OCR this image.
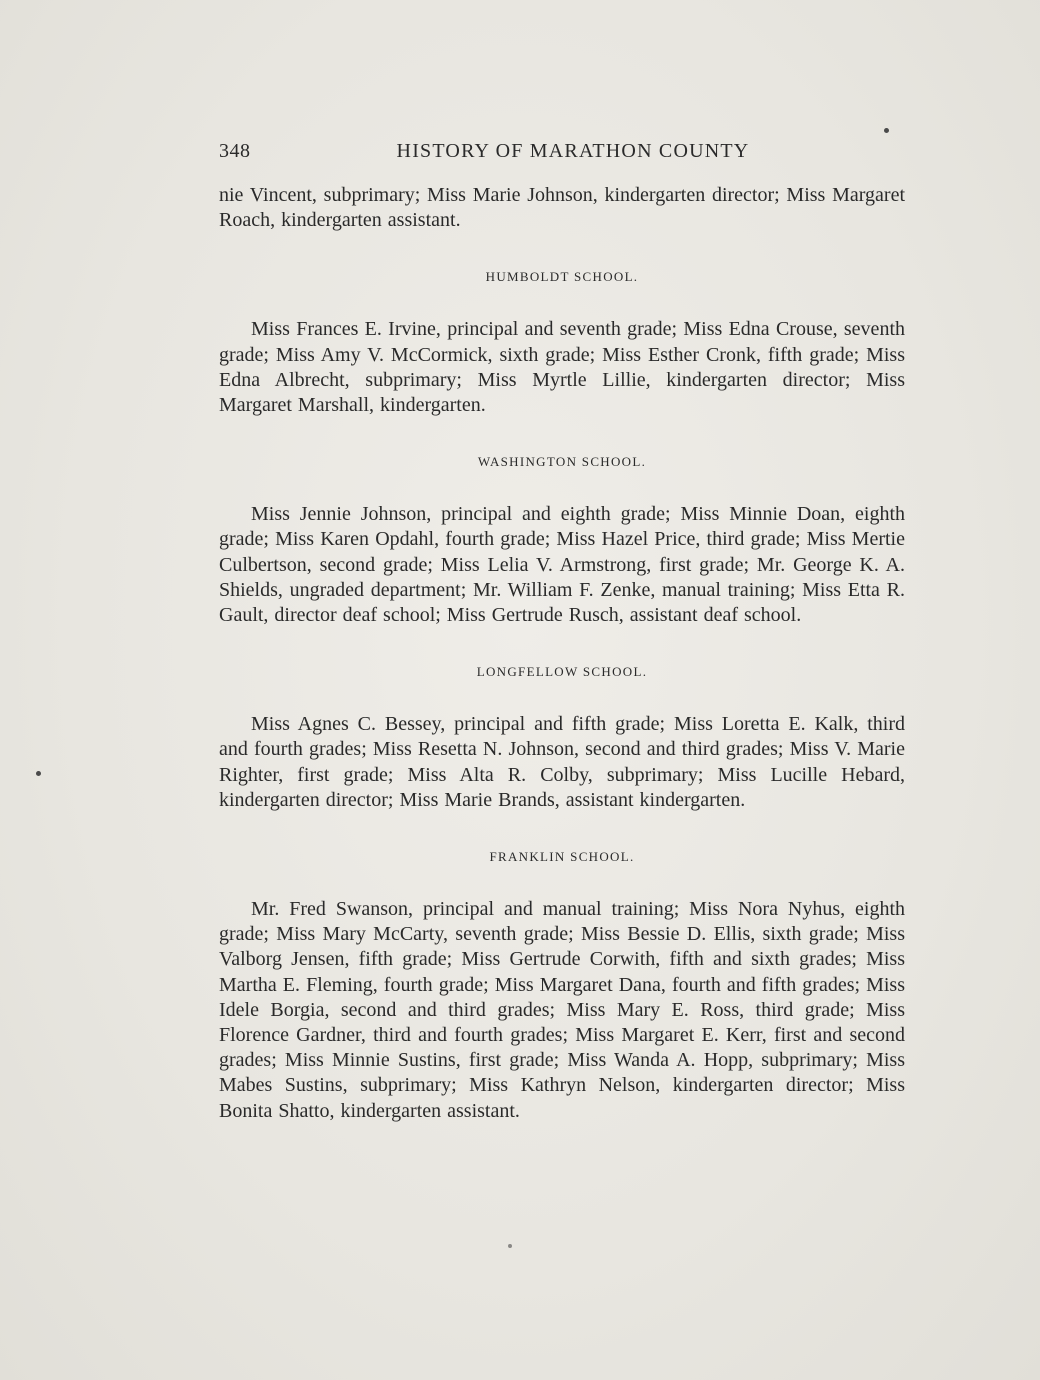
348	HISTORY OF MARATHON COUNTY

nie Vincent, subprimary; Miss Marie Johnson, kindergarten director; Miss Margaret Roach, kindergarten assistant.

HUMBOLDT SCHOOL.

Miss Frances E. Irvine, principal and seventh grade; Miss Edna Crouse, seventh grade; Miss Amy V. McCormick, sixth grade; Miss Esther Cronk, fifth grade; Miss Edna Albrecht, subprimary; Miss Myrtle Lillie, kindergarten director; Miss Margaret Marshall, kindergarten.

WASHINGTON SCHOOL.

Miss Jennie Johnson, principal and eighth grade; Miss Minnie Doan, eighth grade; Miss Karen Opdahl, fourth grade; Miss Hazel Price, third grade; Miss Mertie Culbertson, second grade; Miss Lelia V. Armstrong, first grade; Mr. George K. A. Shields, ungraded department; Mr. William F. Zenke, manual training; Miss Etta R. Gault, director deaf school; Miss Gertrude Rusch, assistant deaf school.

LONGFELLOW SCHOOL.

Miss Agnes C. Bessey, principal and fifth grade; Miss Loretta E. Kalk, third and fourth grades; Miss Resetta N. Johnson, second and third grades; Miss V. Marie Righter, first grade; Miss Alta R. Colby, subprimary; Miss Lucille Hebard, kindergarten director; Miss Marie Brands, assistant kindergarten.

FRANKLIN SCHOOL.

Mr. Fred Swanson, principal and manual training; Miss Nora Nyhus, eighth grade; Miss Mary McCarty, seventh grade; Miss Bessie D. Ellis, sixth grade; Miss Valborg Jensen, fifth grade; Miss Gertrude Corwith, fifth and sixth grades; Miss Martha E. Fleming, fourth grade; Miss Margaret Dana, fourth and fifth grades; Miss Idele Borgia, second and third grades; Miss Mary E. Ross, third grade; Miss Florence Gardner, third and fourth grades; Miss Margaret E. Kerr, first and second grades; Miss Minnie Sustins, first grade; Miss Wanda A. Hopp, subprimary; Miss Mabes Sustins, subprimary; Miss Kathryn Nelson, kindergarten director; Miss Bonita Shatto, kindergarten assistant.
